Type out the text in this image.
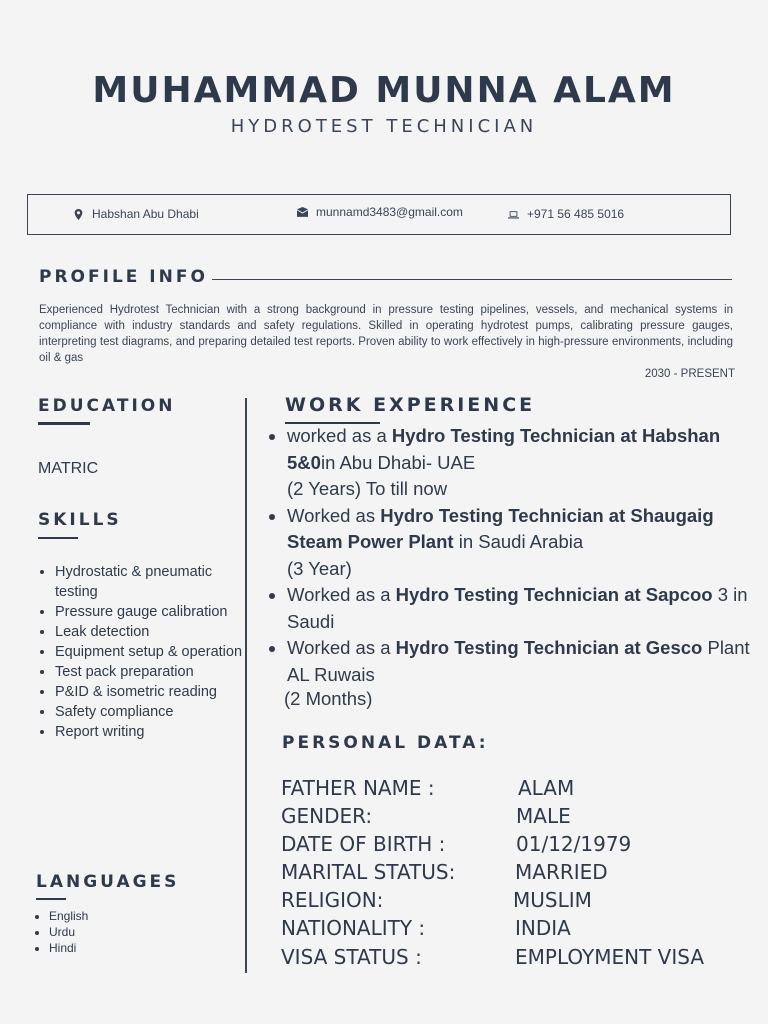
MUHAMMAD MUNNA ALAM
HYDROTEST TECHNICIAN
Habshan Abu Dhabi	munnamd3483@gmail.com	+971 56 485 5016
PROFILE INFO
Experienced Hydrotest Technician with a strong background in pressure testing pipelines, vessels, and mechanical systems in compliance with industry standards and safety regulations. Skilled in operating hydrotest pumps, calibrating pressure gauges, interpreting test diagrams, and preparing detailed test reports. Proven ability to work effectively in high-pressure environments, including oil & gas
2030 - PRESENT
EDUCATION
MATRIC
SKILLS
• Hydrostatic & pneumatic testing
• Pressure gauge calibration
• Leak detection
• Equipment setup & operation
• Test pack preparation
• P&ID & isometric reading
• Safety compliance
• Report writing
LANGUAGES
• English
• Urdu
• Hindi
WORK EXPERIENCE
• worked as a Hydro Testing Technician at Habshan 5&0in Abu Dhabi- UAE
(2 Years) To till now
• Worked as Hydro Testing Technician at Shaugaig Steam Power Plant in Saudi Arabia
(3 Year)
• Worked as a Hydro Testing Technician at Sapcoo 3 in Saudi
• Worked as a Hydro Testing Technician at Gesco Plant AL Ruwais
(2 Months)
PERSONAL DATA:
FATHER NAME :	ALAM
GENDER:	MALE
DATE OF BIRTH :	01/12/1979
MARITAL STATUS:	MARRIED
RELIGION:	MUSLIM
NATIONALITY :	INDIA
VISA STATUS :	EMPLOYMENT VISA
